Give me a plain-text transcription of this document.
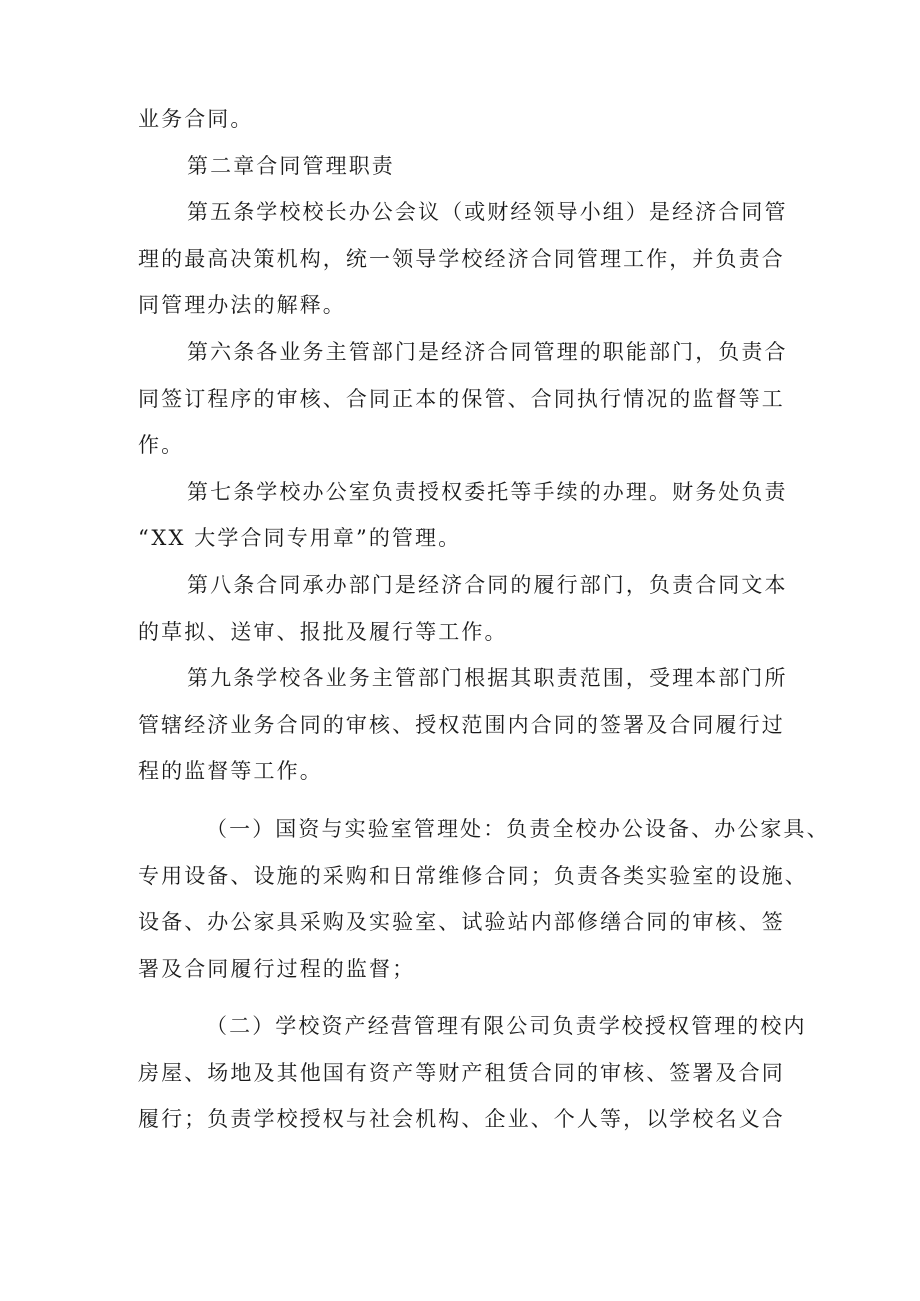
业务合同。
第二章合同管理职责
第五条学校校长办公会议（或财经领导小组）是经济合同管
理的最高决策机构，统一领导学校经济合同管理工作，并负责合
同管理办法的解释。
第六条各业务主管部门是经济合同管理的职能部门，负责合
同签订程序的审核、合同正本的保管、合同执行情况的监督等工
作。
第七条学校办公室负责授权委托等手续的办理。财务处负责
“XX 大学合同专用章”的管理。
第八条合同承办部门是经济合同的履行部门，负责合同文本
的草拟、送审、报批及履行等工作。
第九条学校各业务主管部门根据其职责范围，受理本部门所
管辖经济业务合同的审核、授权范围内合同的签署及合同履行过
程的监督等工作。
（一）国资与实验室管理处：负责全校办公设备、办公家具、
专用设备、设施的采购和日常维修合同；负责各类实验室的设施、
设备、办公家具采购及实验室、试验站内部修缮合同的审核、签
署及合同履行过程的监督；
（二）学校资产经营管理有限公司负责学校授权管理的校内
房屋、场地及其他国有资产等财产租赁合同的审核、签署及合同
履行；负责学校授权与社会机构、企业、个人等，以学校名义合
